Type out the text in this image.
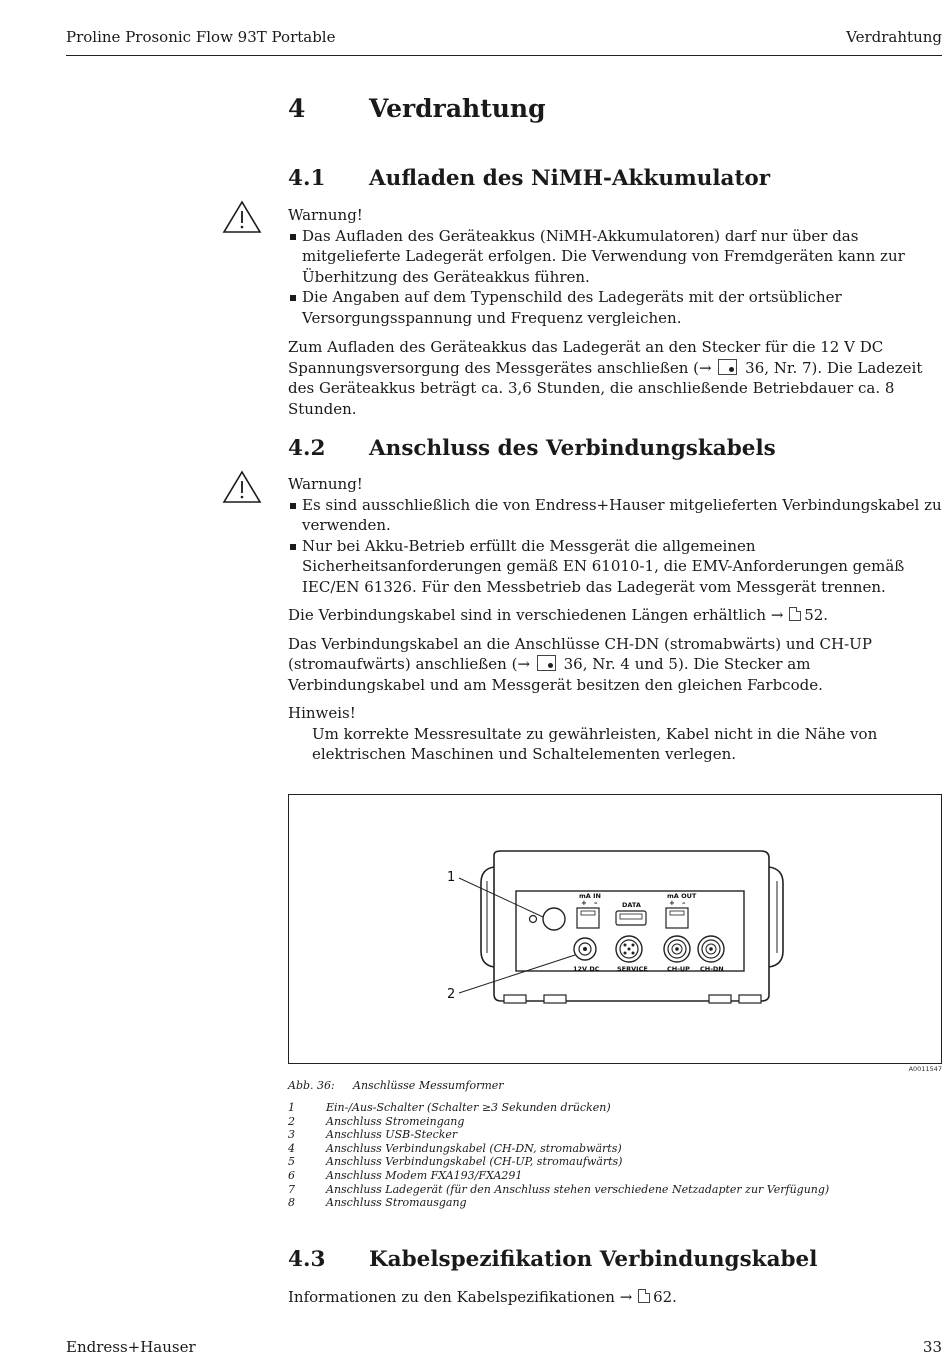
Proline Prosonic Flow 93T Portable	Verdrahtung
4	Verdrahtung
4.1 Aufladen des NiMH-Akkumulator
Warnung!
Das Aufladen des Geräteakkus (NiMH-Akkumulatoren) darf nur über das mitgelieferte Ladegerät erfolgen. Die Verwendung von Fremdgeräten kann zur Überhitzung des Geräteakkus führen.
Die Angaben auf dem Typenschild des Ladegeräts mit der ortsüblicher Versorgungsspannung und Frequenz vergleichen.

Zum Aufladen des Geräteakkus das Ladegerät an den Stecker für die 12 V DC Spannungsversorgung des Messgerätes anschließen (→ 36, Nr. 7). Die Ladezeit des Geräteakkus beträgt ca. 3,6 Stunden, die anschließende Betriebdauer ca. 8 Stunden.

4.2 Anschluss des Verbindungskabels
Warnung!
Es sind ausschließlich die von Endress+Hauser mitgelieferten Verbindungskabel zu verwenden.
Nur bei Akku-Betrieb erfüllt die Messgerät die allgemeinen Sicherheitsanforderungen gemäß EN 61010-1, die EMV-Anforderungen gemäß IEC/EN 61326. Für den Messbetrieb das Ladegerät vom Messgerät trennen.

Die Verbindungskabel sind in verschiedenen Längen erhältlich → 52.

Das Verbindungskabel an die Anschlüsse CH-DN (stromabwärts) und CH-UP (stromaufwärts) anschließen (→ 36, Nr. 4 und 5). Die Stecker am Verbindungskabel und am Messgerät besitzen den gleichen Farbcode.

Hinweis!
Um korrekte Messresultate zu gewährleisten, Kabel nicht in die Nähe von elektrischen Maschinen und Schaltelementen verlegen.
mA IN
+ –	DATA
mA OUT
+ –
12V DC	SERVICE	CH-UP CH-DN
1
2
A0011547
Abb. 36: Anschlüsse Messumformer
1	Ein-/Aus-Schalter (Schalter ≥3 Sekunden drücken)
2	Anschluss Stromeingang
3	Anschluss USB-Stecker
4	Anschluss Verbindungskabel (CH-DN, stromabwärts)
5	Anschluss Verbindungskabel (CH-UP, stromaufwärts)
6	Anschluss Modem FXA193/FXA291
7	Anschluss Ladegerät (für den Anschluss stehen verschiedene Netzadapter zur Verfügung)
8	Anschluss Stromausgang
4.3 Kabelspezifikation Verbindungskabel
Informationen zu den Kabelspezifikationen → 62.
Endress+Hauser	33
